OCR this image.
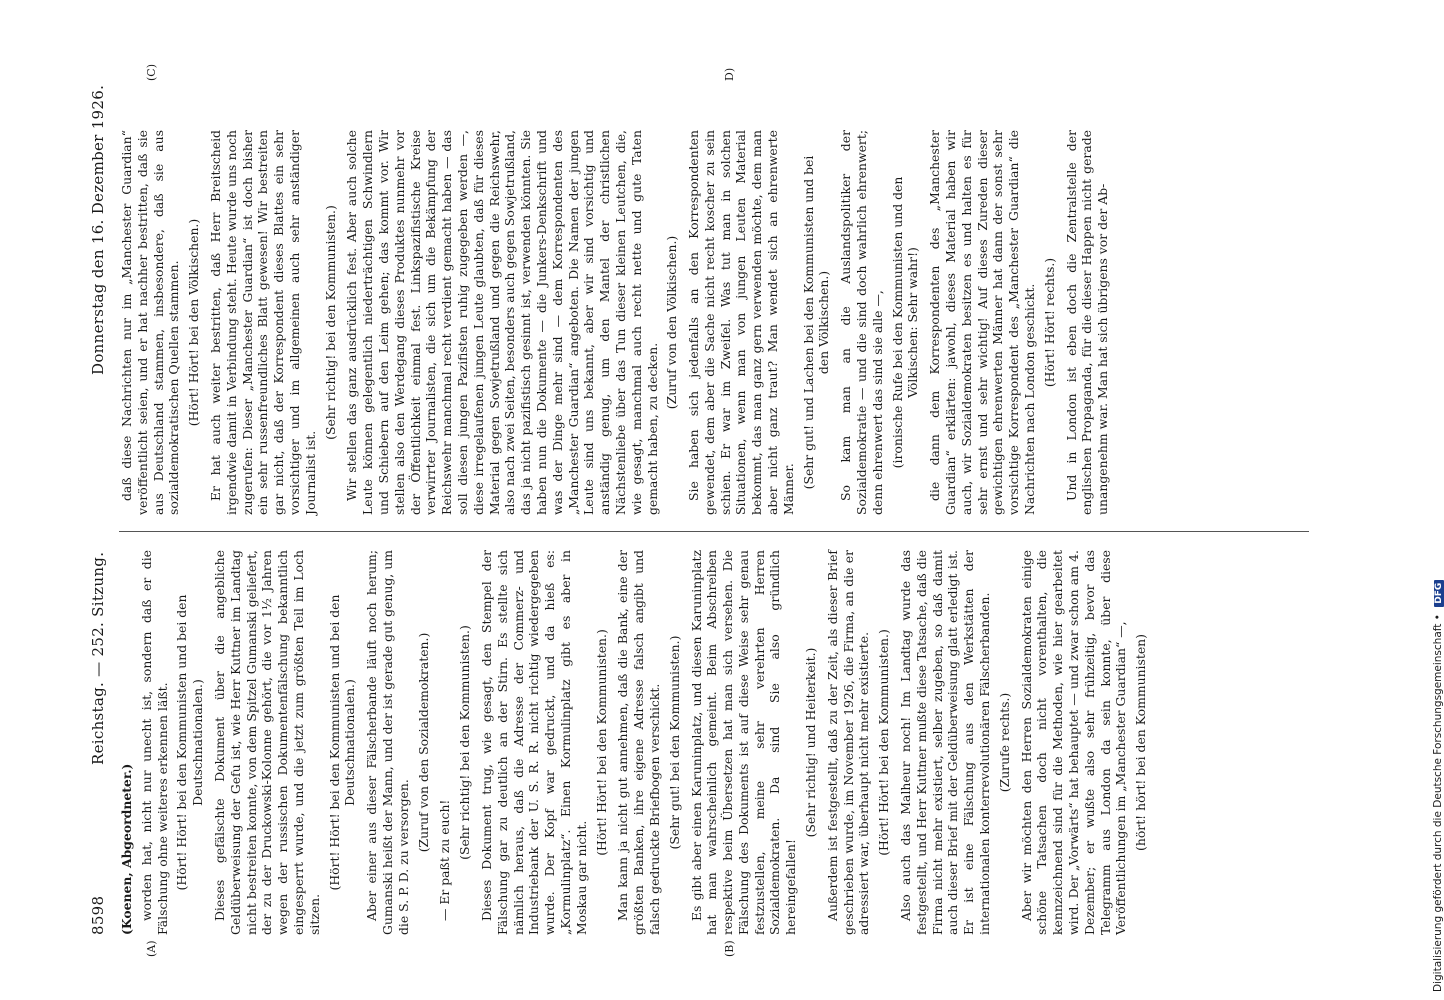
8598
Reichstag. — 252. Sitzung.
Donnerstag den 16. Dezember 1926.
(A)	(B)
(C)	D)

(Koenen, Abgeordneter.) worden hat, nicht nur unecht ist, sondern daß er die Fälschung ohne weiteres erkennen läßt. (Hört! Hört! bei den Kommunisten und bei den Deutschnationalen.) Dieses gefälschte Dokument über die angebliche Geldüberweisung der Gefu ist, wie Herr Kuttner im Landtag nicht bestreiten konnte, von dem Spitzel Gumanski geliefert, der zu der Druckowski-Kolonne gehört, die vor 1½ Jahren wegen der russischen Dokumentenfälschung bekanntlich eingesperrt wurde, und die jetzt zum größten Teil im Loch sitzen.

(Hört! Hört! bei den Kommunisten und bei den Deutschnationalen.) Aber einer aus dieser Fälscherbande läuft noch herum; Gumanski heißt der Mann, und der ist gerade gut genug, um die S. P. D. zu versorgen.

(Zuruf von den Sozialdemokraten.)

— Er paßt zu euch!

(Sehr richtig! bei den Kommunisten.) Dieses Dokument trug, wie gesagt, den Stempel der Fälschung gar zu deutlich an der Stirn. Es stellte sich nämlich heraus, daß die Adresse der Commerz- und Industriebank der U. S. R. R. nicht richtig wiedergegeben wurde. Der Kopf war gedruckt, und da hieß es: „Kormulinplatz“. Einen Kormulinplatz gibt es aber in Moskau gar nicht.

(Hört! Hört! bei den Kommunisten.) Man kann ja nicht gut annehmen, daß die Bank, eine der größten Banken, ihre eigene Adresse falsch angibt und falsch gedruckte Briefbogen verschickt. (Sehr gut! bei den Kommunisten.) Es gibt aber einen Karuninplatz, und diesen Karuninplatz hat man wahrscheinlich gemeint. Beim Abschreiben respektive beim Übersetzen hat man sich versehen. Die Fälschung des Dokuments ist auf diese Weise sehr genau festzustellen, meine sehr verehrten Herren Sozialdemokraten. Da sind Sie also gründlich hereingefallen!

(Sehr richtig! und Heiterkeit.) Außerdem ist festgestellt, daß zu der Zeit, als dieser Brief geschrieben wurde, im November 1926, die Firma, an die er adressiert war, überhaupt nicht mehr existierte. (Hört! Hört! bei den Kommunisten.) Also auch das Malheur noch! Im Landtag wurde das festgestellt, und Herr Kuttner mußte diese Tatsache, daß die Firma nicht mehr existiert, selber zugeben, so daß damit auch dieser Brief mit der Geldüberweisung glatt erledigt ist. Er ist eine Fälschung aus den Werkstätten der internationalen konterrevolutionären Fälscherbanden. (Zurufe rechts.) Aber wir möchten den Herren Sozialdemokraten einige schöne Tatsachen doch nicht vorenthalten, die kennzeichnend sind für die Methoden, wie hier gearbeitet wird. Der „Vorwärts“ hat behauptet — und zwar schon am 4. Dezember; er wußte also sehr frühzeitig, bevor das Telegramm aus London da sein konnte, über diese Veröffentlichungen im „Manchester Guardian“ —, (hört! hört! bei den Kommunisten)

daß diese Nachrichten nur im „Manchester Guardian“ veröffentlicht seien, und er hat nachher bestritten, daß sie aus Deutschland stammen, insbesondere, daß sie aus sozialdemokratischen Quellen stammen. (Hört! Hört! bei den Völkischen.) Er hat auch weiter bestritten, daß Herr Breitscheid irgendwie damit in Verbindung steht. Heute wurde uns noch zugerufen: Dieser „Manchester Guardian“ ist doch bisher ein sehr russenfreundliches Blatt gewesen! Wir bestreiten gar nicht, daß der Korrespondent dieses Blattes ein sehr vorsichtiger und im allgemeinen auch sehr anständiger Journalist ist.

(Sehr richtig! bei den Kommunisten.) Wir stellen das ganz ausdrücklich fest. Aber auch solche Leute können gelegentlich niederträchtigen Schwindlern und Schiebern auf den Leim gehen; das kommt vor. Wir stellen also den Werdegang dieses Produktes nunmehr vor der Öffentlichkeit einmal fest. Linkspazifistische Kreise verwirrter Journalisten, die sich um die Bekämpfung der Reichswehr manchmal recht verdient gemacht haben — das soll diesen jungen Pazifisten ruhig zugegeben werden —, diese irregelaufenen jungen Leute glaubten, daß für dieses Material gegen Sowjetrußland und gegen die Reichswehr, also nach zwei Seiten, besonders auch gegen Sowjetrußland, das ja nicht pazifistisch gesinnt ist, verwenden könnten. Sie haben nun die Dokumente — die Junkers-Denkschrift und was der Dinge mehr sind — dem Korrespondenten des „Manchester Guardian“ angeboten. Die Namen der jungen Leute sind uns bekannt, aber wir sind vorsichtig und anständig genug, um den Mantel der christlichen Nächstenliebe über das Tun dieser kleinen Leutchen, die, wie gesagt, manchmal auch recht nette und gute Taten gemacht haben, zu decken.

(Zuruf von den Völkischen.) Sie haben sich jedenfalls an den Korrespondenten gewendet, dem aber die Sache nicht recht koscher zu sein schien. Er war im Zweifel. Was tut man in solchen Situationen, wenn man von jungen Leuten Material bekommt, das man ganz gern verwenden möchte, dem man aber nicht ganz traut? Man wendet sich an ehrenwerte Männer. (Sehr gut! und Lachen bei den Kommunisten und bei den Völkischen.) So kam man an die Auslandspolitiker der Sozialdemokratie — und die sind doch wahrlich ehrenwert; denn ehrenwert das sind sie alle —, (ironische Rufe bei den Kommunisten und den Völkischen: Sehr wahr!) die dann dem Korrespondenten des „Manchester Guardian“ erklärten: jawohl, dieses Material haben wir auch, wir Sozialdemokraten besitzen es und halten es für sehr ernst und sehr wichtig! Auf dieses Zureden dieser gewichtigen ehrenwerten Männer hat dann der sonst sehr vorsichtige Korrespondent des „Manchester Guardian“ die Nachrichten nach London geschickt. (Hört! Hört! rechts.) Und in London ist eben doch die Zentralstelle der englischen Propaganda, für die dieser Happen nicht gerade unangenehm war. Man hat sich übrigens vor der Ab-

Digitalisierung gefördert durch die Deutsche Forschungsgemeinschaft • DFG
